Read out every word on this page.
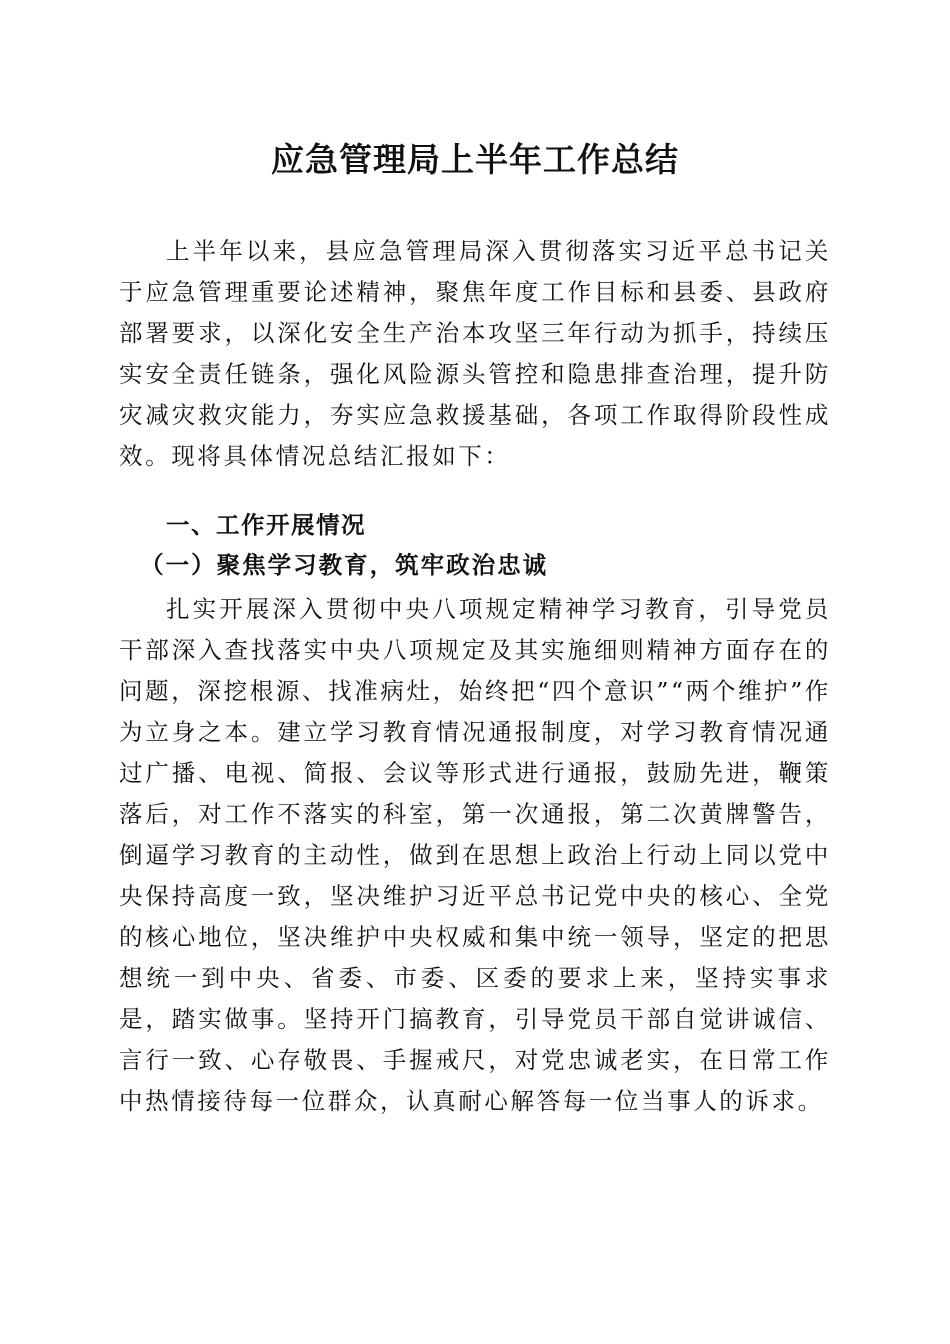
应急管理局上半年工作总结

上半年以来，县应急管理局深入贯彻落实习近平总书记关于应急管理重要论述精神，聚焦年度工作目标和县委、县政府部署要求，以深化安全生产治本攻坚三年行动为抓手，持续压实安全责任链条，强化风险源头管控和隐患排查治理，提升防灾减灾救灾能力，夯实应急救援基础，各项工作取得阶段性成效。现将具体情况总结汇报如下：

一、工作开展情况

（一）聚焦学习教育，筑牢政治忠诚

扎实开展深入贯彻中央八项规定精神学习教育，引导党员干部深入查找落实中央八项规定及其实施细则精神方面存在的问题，深挖根源、找准病灶，始终把“四个意识”“两个维护”作为立身之本。建立学习教育情况通报制度，对学习教育情况通过广播、电视、简报、会议等形式进行通报，鼓励先进，鞭策落后，对工作不落实的科室，第一次通报，第二次黄牌警告，倒逼学习教育的主动性，做到在思想上政治上行动上同以党中央保持高度一致，坚决维护习近平总书记党中央的核心、全党的核心地位，坚决维护中央权威和集中统一领导，坚定的把思想统一到中央、省委、市委、区委的要求上来，坚持实事求是，踏实做事。坚持开门搞教育，引导党员干部自觉讲诚信、言行一致、心存敬畏、手握戒尺，对党忠诚老实，在日常工作中热情接待每一位群众，认真耐心解答每一位当事人的诉求。
